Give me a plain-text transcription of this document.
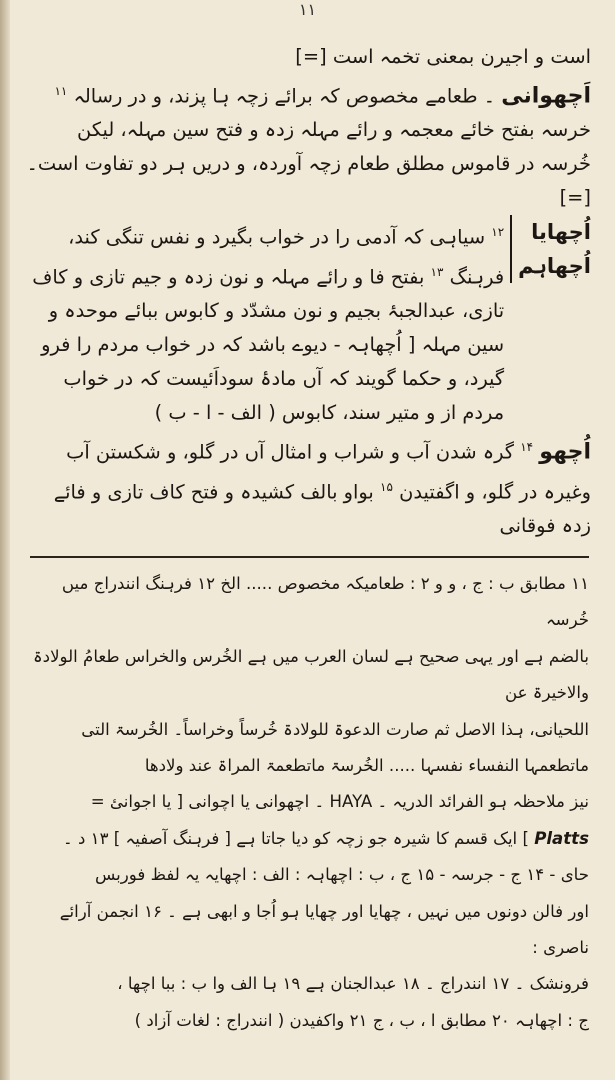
۱۱

است و اجیرن بمعنی تخمہ است [=]

اَچھوانی ۔ طعامے مخصوص کہ برائے زچہ ہا پزند، و در رسالہ $^{۱۱}$ خرسہ بفتح خائے معجمہ و رائے مہلہ زدہ و فتح سین مہلہ، لیکن خُرسہ در قاموس مطلق طعام زچہ آوردہ، و دریں ہر دو تفاوت است۔ [=]

اُچھایا
اُچھاہم
$^{۱۲}$ سیاہی کہ آدمی را در خواب بگیرد و نفس تنگی کند، فرہنگ $^{۱۳}$ بفتح فا و رائے مہلہ و نون زدہ و جیم تازی و کاف تازی، عبدالجبۂ بجیم و نون مشدّد و کابوس ببائے موحدہ و سین مہلہ [ اُچھاہہ - دیوے باشد کہ در خواب مردم را فرو گیرد، و حکما گویند کہ آں مادۂ سوداَئیست کہ در خواب مردم از و متیر سند، کابوس ( الف - ا - ب )

اُچھو $^{۱۴}$ گرہ شدن آب و شراب و امثال آں در گلو، و شکستن آب وغیرہ در گلو، و اگفتیدن $^{۱۵}$ بواو بالف کشیدہ و فتح کاف تازی و فائے زدہ فوقانی

۱۱ مطابق ب : ج ، و و ۲ : طعامیکہ مخصوص ..... الخ ۱۲ فرہنگ انندراج میں خُرسہ

بالضم ہے اور یہی صحیح ہے لسان العرب میں ہے الخُرس والخراس طعامُ الولادۃ والاخیرۃ عن

اللحیانی، ہذا الاصل ثم صارت الدعوۃ للولادۃ خُرساً وخراساً۔ الخُرسۃ التی

ماتطعمہا النفساء نفسہا ..... الخُرسۃ ماتطعمۃ المراۃ عند ولادھا

نیز ملاحظہ ہو الفرائد الدریہ ۔ HAYA ۔ اچھوانی یا اچوانی [ یا اجوانئ =

Platts ] ایک قسم کا شیرہ جو زچہ کو دیا جاتا ہے [ فرہنگ آصفیہ ] ۱۳ د ۔

حاى - ۱۴ ج - جرسہ - ۱۵ ج ، ب : اچھاہہ : الف : اچھایہ یہ لفظ فوربس

اور فالن دونوں میں نہیں ، چھایا اور چھایا ہو اُجا و ابھی ہے ۔ ۱۶ انجمن آرائے ناصری :

فرونشک ۔ ۱۷ انندراج ۔ ۱۸ عبدالجنان ہے ۱۹ ہا الف وا ب : ببا اچھا ،

ج : اچھاہہ ۲۰ مطابق ا ، ب ، ج ۲۱ واکفیدن ( انندراج : لغات آزاد )
